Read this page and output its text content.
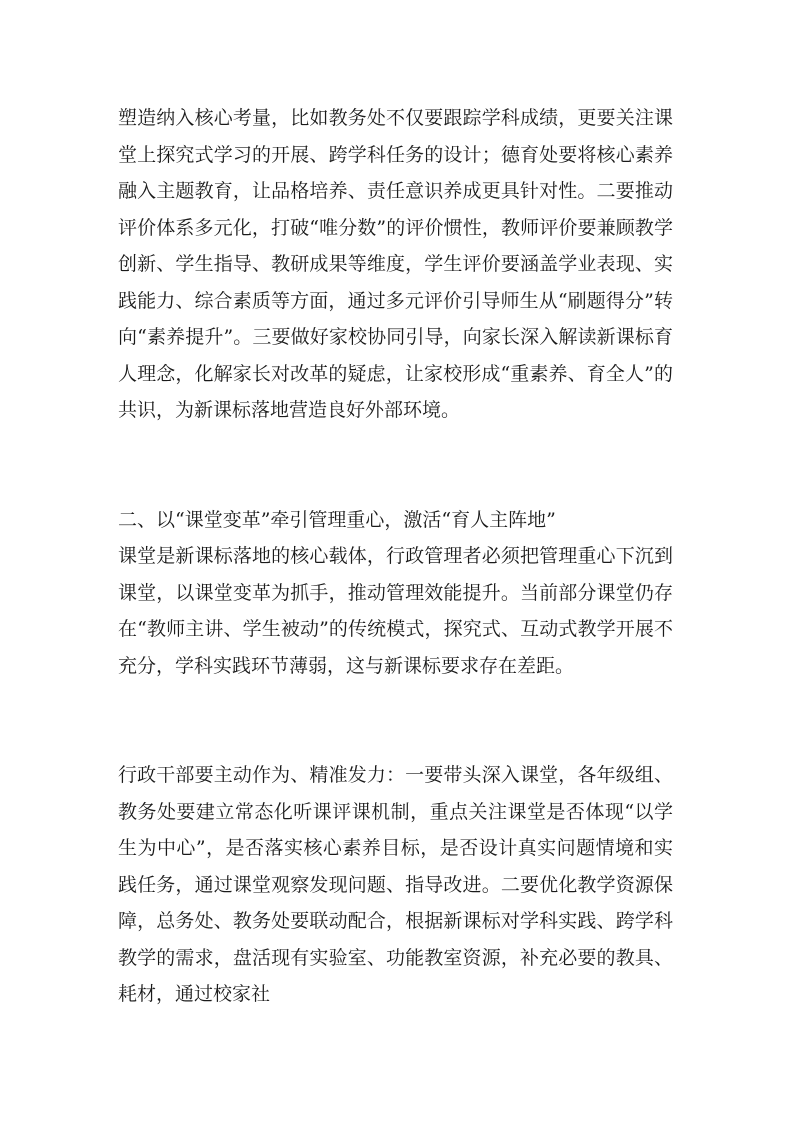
塑造纳入核心考量，比如教务处不仅要跟踪学科成绩，更要关注课堂上探究式学习的开展、跨学科任务的设计；德育处要将核心素养融入主题教育，让品格培养、责任意识养成更具针对性。二要推动评价体系多元化，打破“唯分数”的评价惯性，教师评价要兼顾教学创新、学生指导、教研成果等维度，学生评价要涵盖学业表现、实践能力、综合素质等方面，通过多元评价引导师生从“刷题得分”转向“素养提升”。三要做好家校协同引导，向家长深入解读新课标育人理念，化解家长对改革的疑虑，让家校形成“重素养、育全人”的共识，为新课标落地营造良好外部环境。

二、以“课堂变革”牵引管理重心，激活“育人主阵地”

课堂是新课标落地的核心载体，行政管理者必须把管理重心下沉到课堂，以课堂变革为抓手，推动管理效能提升。当前部分课堂仍存在“教师主讲、学生被动”的传统模式，探究式、互动式教学开展不充分，学科实践环节薄弱，这与新课标要求存在差距。

行政干部要主动作为、精准发力：一要带头深入课堂，各年级组、教务处要建立常态化听课评课机制，重点关注课堂是否体现“以学生为中心”，是否落实核心素养目标，是否设计真实问题情境和实践任务，通过课堂观察发现问题、指导改进。二要优化教学资源保障，总务处、教务处要联动配合，根据新课标对学科实践、跨学科教学的需求，盘活现有实验室、功能教室资源，补充必要的教具、耗材，通过校家社
